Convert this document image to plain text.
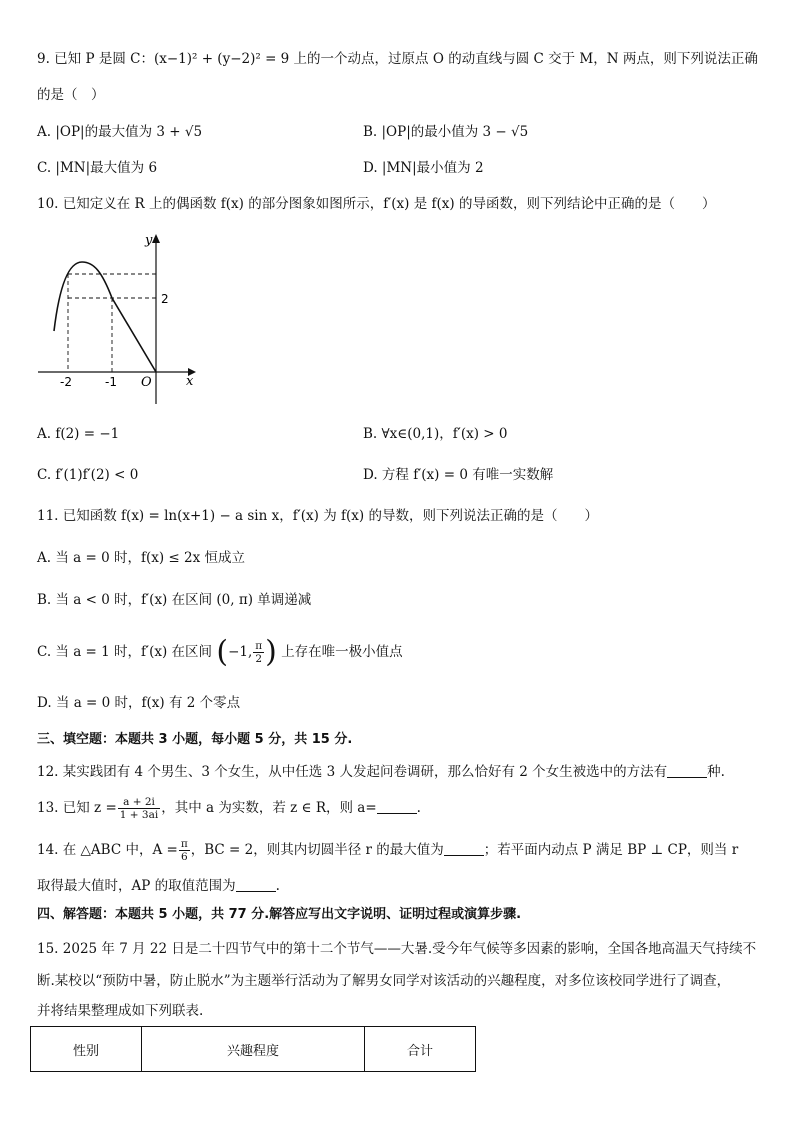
9. 已知 P 是圆 C：(x−1)² + (y−2)² = 9 上的一个动点，过原点 O 的动直线与圆 C 交于 M，N 两点，则下列说法正确
的是（　）
A. |OP|的最大值为 3 + √5	B. |OP|的最小值为 3 − √5
C. |MN|最大值为 6	D. |MN|最小值为 2
10. 已知定义在 R 上的偶函数 f(x) 的部分图象如图所示，f′(x) 是 f(x) 的导函数，则下列结论中正确的是（　　）
y
x
O
-2	-1
2
A. f(2) = −1	B. ∀x∈(0,1)，f′(x) > 0
C. f′(1)f′(2) < 0	D. 方程 f′(x) = 0 有唯一实数解
11. 已知函数 f(x) = ln(x+1) − a sin x，f′(x) 为 f(x) 的导数，则下列说法正确的是（　　）
A. 当 a = 0 时，f(x) ≤ 2x 恒成立
B. 当 a < 0 时，f′(x) 在区间 (0, π) 单调递减
C. 当 a = 1 时，f′(x) 在区间 (−1, $\frac{\pi}{2}$ ) 上存在唯一极小值点
D. 当 a = 0 时，f(x) 有 2 个零点
三、填空题：本题共 3 小题，每小题 5 分，共 15 分.
12. 某实践团有 4 个男生、3 个女生，从中任选 3 人发起问卷调研，那么恰好有 2 个女生被选中的方法有	种.
13. 已知 $z = \frac{a + 2i}{1 + 3ai}$ ，其中 a 为实数，若 z ∈ R，则 a=	.
14. 在 △ABC 中，$A = \frac{\pi}{6}$ ，BC = 2，则其内切圆半径 r 的最大值为	；若平面内动点 P 满足 BP ⊥ CP，则当 r
取得最大值时，AP 的取值范围为	.
四、解答题：本题共 5 小题，共 77 分.解答应写出文字说明、证明过程或演算步骤.
15. 2025 年 7 月 22 日是二十四节气中的第十二个节气——大暑.受今年气候等多因素的影响，全国各地高温天气持续不
断.某校以“预防中暑，防止脱水”为主题举行活动为了解男女同学对该活动的兴趣程度，对多位该校同学进行了调查，
并将结果整理成如下列联表.
性别	兴趣程度	合计
